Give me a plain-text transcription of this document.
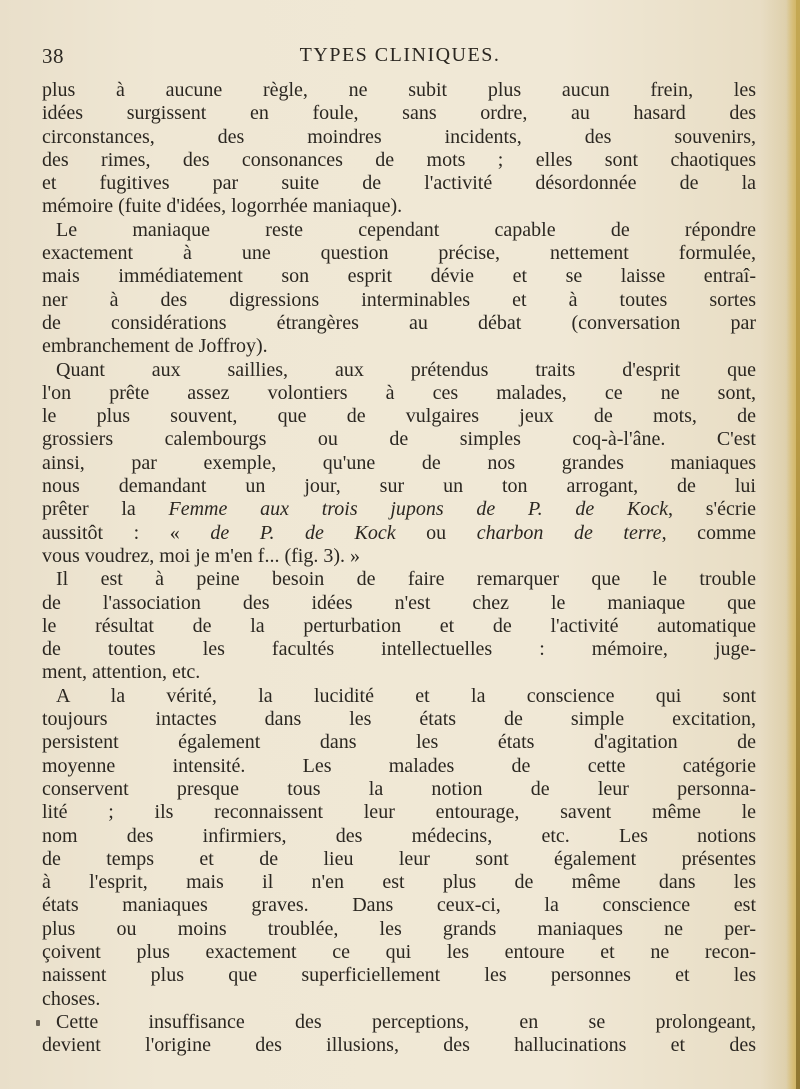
38	TYPES CLINIQUES.
plus à aucune règle, ne subit plus aucun frein, les
idées surgissent en foule, sans ordre, au hasard des
circonstances, des moindres incidents, des souvenirs,
des rimes, des consonances de mots ; elles sont chaotiques
et fugitives par suite de l'activité désordonnée de la
mémoire (fuite d'idées, logorrhée maniaque).
Le maniaque reste cependant capable de répondre
exactement à une question précise, nettement formulée,
mais immédiatement son esprit dévie et se laisse entraî-
ner à des digressions interminables et à toutes sortes
de considérations étrangères au débat (conversation par
embranchement de Joffroy).
Quant aux saillies, aux prétendus traits d'esprit que
l'on prête assez volontiers à ces malades, ce ne sont,
le plus souvent, que de vulgaires jeux de mots, de
grossiers calembourgs ou de simples coq-à-l'âne. C'est
ainsi, par exemple, qu'une de nos grandes maniaques
nous demandant un jour, sur un ton arrogant, de lui
prêter la Femme aux trois jupons de P. de Kock, s'écrie
aussitôt : « de P. de Kock ou charbon de terre, comme
vous voudrez, moi je m'en f... (fig. 3). »
Il est à peine besoin de faire remarquer que le trouble
de l'association des idées n'est chez le maniaque que
le résultat de la perturbation et de l'activité automatique
de toutes les facultés intellectuelles : mémoire, juge-
ment, attention, etc.
A la vérité, la lucidité et la conscience qui sont
toujours intactes dans les états de simple excitation,
persistent également dans les états d'agitation de
moyenne intensité. Les malades de cette catégorie
conservent presque tous la notion de leur personna-
lité ; ils reconnaissent leur entourage, savent même le
nom des infirmiers, des médecins, etc. Les notions
de temps et de lieu leur sont également présentes
à l'esprit, mais il n'en est plus de même dans les
états maniaques graves. Dans ceux-ci, la conscience est
plus ou moins troublée, les grands maniaques ne per-
çoivent plus exactement ce qui les entoure et ne recon-
naissent plus que superficiellement les personnes et les
choses.
Cette insuffisance des perceptions, en se prolongeant,
devient l'origine des illusions, des hallucinations et des
